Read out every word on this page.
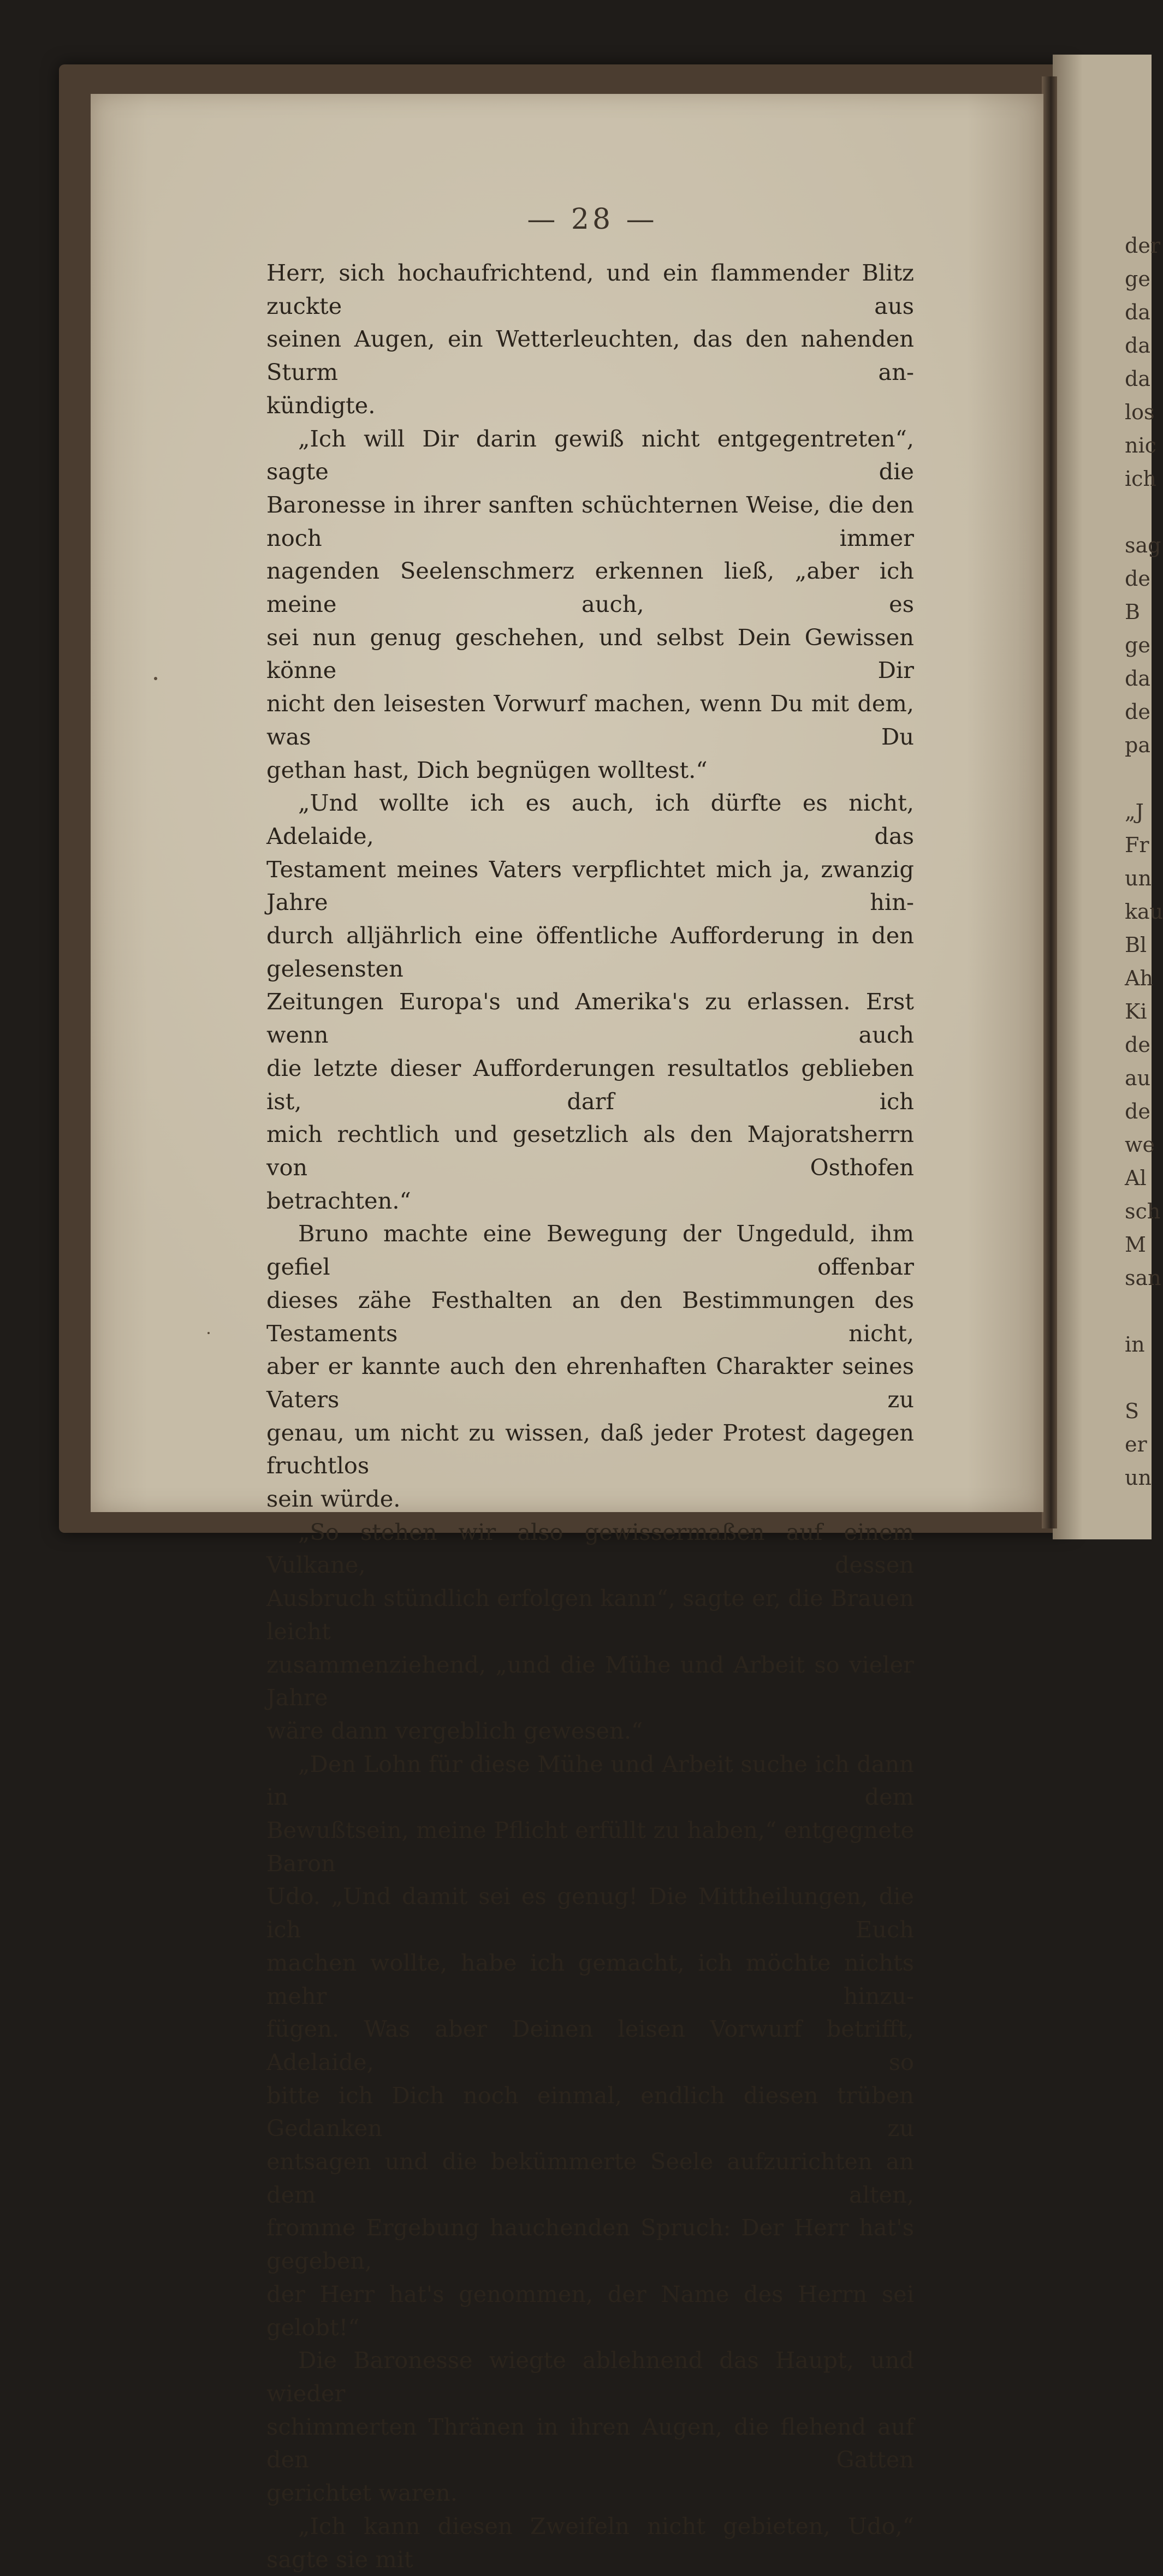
— 28 —

Herr, sich hochaufrichtend, und ein flammender Blitz zuckte aus

seinen Augen, ein Wetterleuchten, das den nahenden Sturm an-

kündigte.

„Ich will Dir darin gewiß nicht entgegentreten“, sagte die

Baronesse in ihrer sanften schüchternen Weise, die den noch immer

nagenden Seelenschmerz erkennen ließ, „aber ich meine auch, es

sei nun genug geschehen, und selbst Dein Gewissen könne Dir

nicht den leisesten Vorwurf machen, wenn Du mit dem, was Du

gethan hast, Dich begnügen wolltest.“

„Und wollte ich es auch, ich dürfte es nicht, Adelaide, das

Testament meines Vaters verpflichtet mich ja, zwanzig Jahre hin-

durch alljährlich eine öffentliche Aufforderung in den gelesensten

Zeitungen Europa's und Amerika's zu erlassen. Erst wenn auch

die letzte dieser Aufforderungen resultatlos geblieben ist, darf ich

mich rechtlich und gesetzlich als den Majoratsherrn von Osthofen

betrachten.“

Bruno machte eine Bewegung der Ungeduld, ihm gefiel offenbar

dieses zähe Festhalten an den Bestimmungen des Testaments nicht,

aber er kannte auch den ehrenhaften Charakter seines Vaters zu

genau, um nicht zu wissen, daß jeder Protest dagegen fruchtlos

sein würde.

„So stehen wir also gewissermaßen auf einem Vulkane, dessen

Ausbruch stündlich erfolgen kann“, sagte er, die Brauen leicht

zusammenziehend, „und die Mühe und Arbeit so vieler Jahre

wäre dann vergeblich gewesen.“

„Den Lohn für diese Mühe und Arbeit suche ich dann in dem

Bewußtsein, meine Pflicht erfüllt zu haben,“ entgegnete Baron

Udo. „Und damit sei es genug! Die Mittheilungen, die ich Euch

machen wollte, habe ich gemacht, ich möchte nichts mehr hinzu-

fügen. Was aber Deinen leisen Vorwurf betrifft, Adelaide, so

bitte ich Dich noch einmal, endlich diesen trüben Gedanken zu

entsagen und die bekümmerte Seele aufzurichten an dem alten,

fromme Ergebung hauchenden Spruch: Der Herr hat's gegeben,

der Herr hat's genommen, der Name des Herrn sei gelobt!“

Die Baronesse wiegte ablehnend das Haupt, und wieder

schimmerten Thränen in ihren Augen, die flehend auf den Gatten

gerichtet waren.

„Ich kann diesen Zweifeln nicht gebieten, Udo,“ sagte sie mit

der
ge
da
da
da
los
nic
ich
sag
de
B
ge
da
de
pa
„J
Fr
un
kau
Bl
Ah
Ki
de
au
de
we
Al
sch
M
san
in
S
er
un
